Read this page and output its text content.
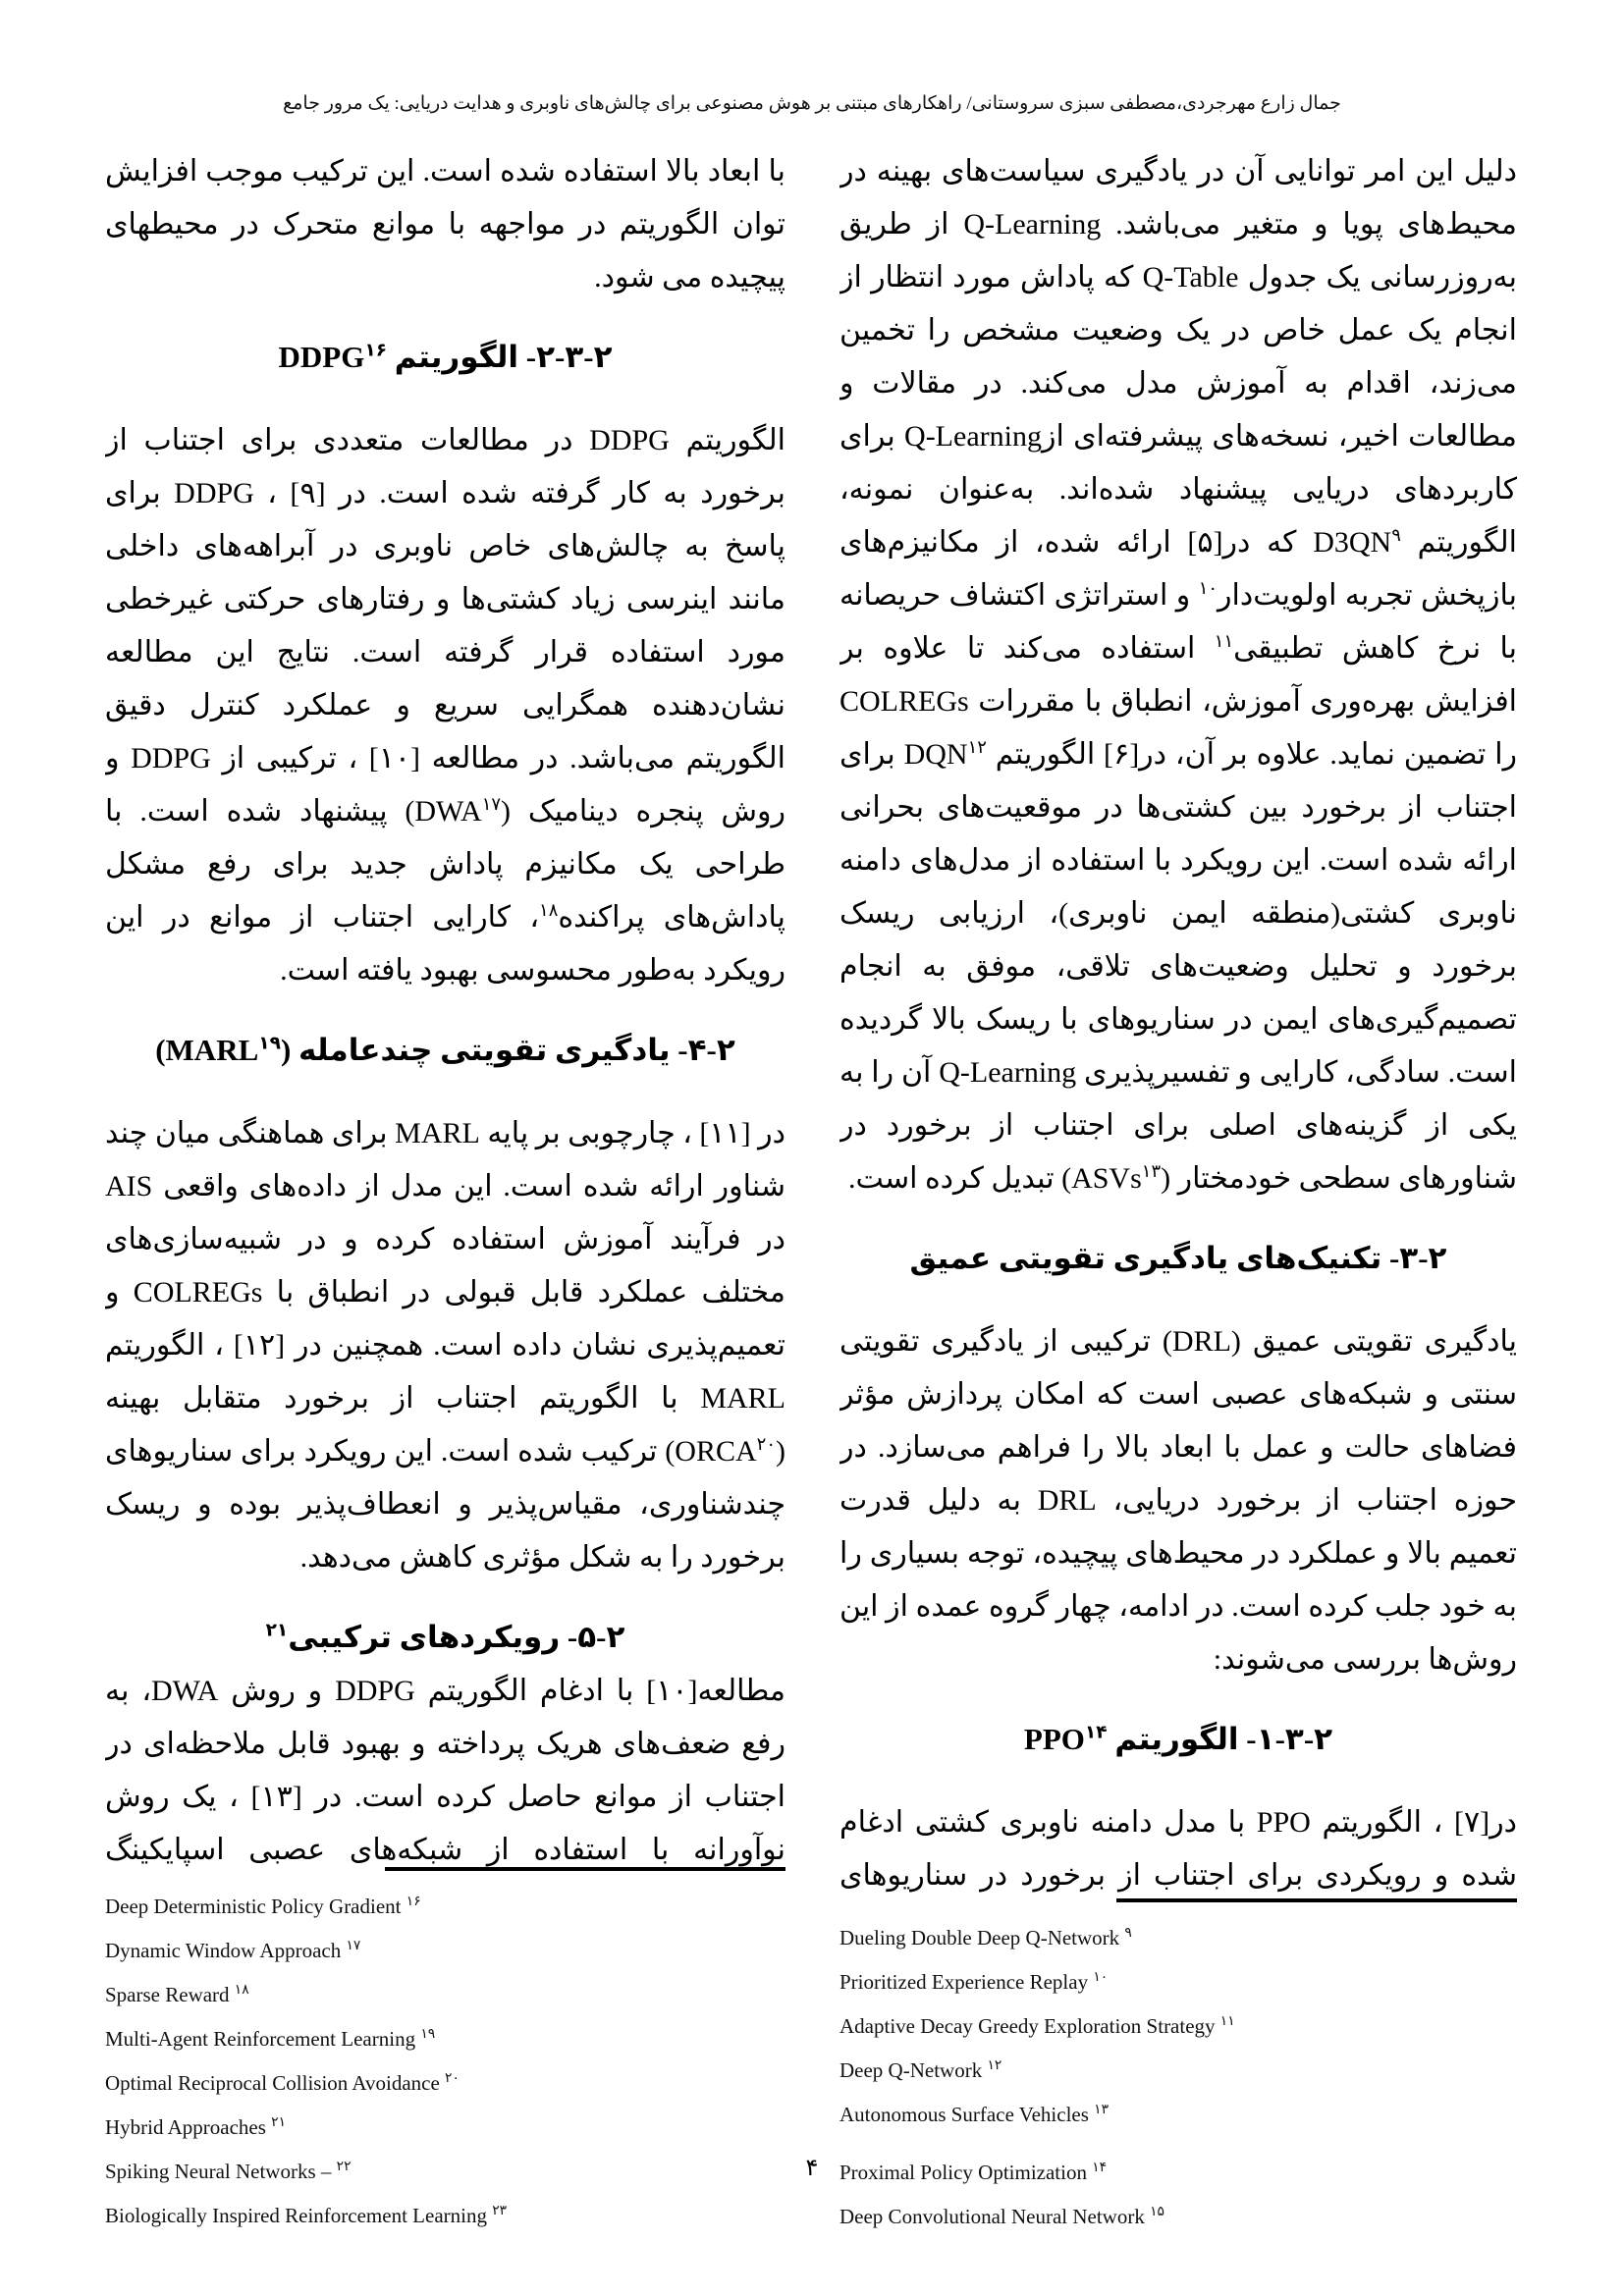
جمال زارع مهرجردی،مصطفی سبزی سروستانی/ راهکارهای مبتنی بر هوش مصنوعی برای چالش‌های ناوبری و هدایت دریایی: یک مرور جامع

دلیل این امر توانایی آن در یادگیری سیاست‌های بهینه در محیط‌های پویا و متغیر می‌باشد. Q-Learning از طریق به‌روزرسانی یک جدول Q-Table که پاداش مورد انتظار از انجام یک عمل خاص در یک وضعیت مشخص را تخمین می‌زند، اقدام به آموزش مدل می‌کند. در مقالات و مطالعات اخیر، نسخه‌های پیشرفته‌ای ازQ-Learning برای کاربردهای دریایی پیشنهاد شده‌اند. به‌عنوان نمونه، الگوریتم $D3QN^۹$ که در[۵] ارائه شده، از مکانیزم‌های بازپخش تجربه اولویت‌دار$^{۱۰}$ و استراتژی اکتشاف حریصانه با نرخ کاهش تطبیقی$^{۱۱}$ استفاده می‌کند تا علاوه بر افزایش بهره‌وری آموزش، انطباق با مقررات COLREGs را تضمین نماید. علاوه بر آن، در[۶] الگوریتم DQN$^{۱۲}$ برای اجتناب از برخورد بین کشتی‌ها در موقعیت‌های بحرانی ارائه شده است. این رویکرد با استفاده از مدل‌های دامنه ناوبری کشتی(منطقه ایمن ناوبری)، ارزیابی ریسک برخورد و تحلیل وضعیت‌های تلاقی، موفق به انجام تصمیم‌گیری‌های ایمن در سناریوهای با ریسک بالا گردیده است. سادگی، کارایی و تفسیرپذیری Q-Learning آن را به یکی از گزینه‌های اصلی برای اجتناب از برخورد در شناورهای سطحی خودمختار (ASVs$^{۱۳}$) تبدیل کرده است.

۲‏-‏۳‏- تکنیک‌های یادگیری تقویتی عمیق

یادگیری تقویتی عمیق (DRL) ترکیبی از یادگیری تقویتی سنتی و شبکه‌های عصبی است که امکان پردازش مؤثر فضاهای حالت و عمل با ابعاد بالا را فراهم می‌سازد. در حوزه اجتناب از برخورد دریایی، DRL به دلیل قدرت تعمیم بالا و عملکرد در محیط‌های پیچیده، توجه بسیاری را به خود جلب کرده است. در ادامه، چهار گروه عمده از این روش‌ها بررسی می‌شوند:

۲‏-‏۳‏-‏۱‏- الگوریتم PPO$^{۱۴}$

در[۷] ، الگوریتم PPO با مدل دامنه ناوبری کشتی ادغام شده و رویکردی برای اجتناب از برخورد در سناریوهای

با ابعاد بالا استفاده شده است. این ترکیب موجب افزایش توان الگوریتم در مواجهه با موانع متحرک در محیطهای پیچیده می شود.

۲‏-‏۳‏-‏۲‏- الگوریتم DDPG$^{۱۶}$

الگوریتم DDPG در مطالعات متعددی برای اجتناب از برخورد به کار گرفته شده است. در [۹] ، DDPG برای پاسخ به چالش‌های خاص ناوبری در آبراهه‌های داخلی مانند اینرسی زیاد کشتی‌ها و رفتارهای حرکتی غیرخطی مورد استفاده قرار گرفته است. نتایج این مطالعه نشان‌دهنده همگرایی سریع و عملکرد کنترل دقیق الگوریتم می‌باشد. در مطالعه [۱۰] ، ترکیبی از DDPG و روش پنجره دینامیک (DWA$^{۱۷}$) پیشنهاد شده است. با طراحی یک مکانیزم پاداش جدید برای رفع مشکل پاداش‌های پراکنده$^{۱۸}$، کارایی اجتناب از موانع در این رویکرد به‌طور محسوسی بهبود یافته است.

۲‏-‏۴‏- یادگیری تقویتی چندعامله (MARL$^{۱۹}$)

در [۱۱] ، چارچوبی بر پایه MARL برای هماهنگی میان چند شناور ارائه شده است. این مدل از داده‌های واقعی AIS در فرآیند آموزش استفاده کرده و در شبیه‌سازی‌های مختلف عملکرد قابل قبولی در انطباق با COLREGs و تعمیم‌پذیری نشان داده است. همچنین در [۱۲] ، الگوریتم MARL با الگوریتم اجتناب از برخورد متقابل بهینه (ORCA$^{۲۰}$) ترکیب شده است. این رویکرد برای سناریوهای چندشناوری، مقیاس‌پذیر و انعطاف‌پذیر بوده و ریسک برخورد را به شکل مؤثری کاهش می‌دهد.

۲‏-‏۵‏- رویکردهای ترکیبی$^{۲۱}$

مطالعه[۱۰] با ادغام الگوریتم DDPG و روش DWA، به رفع ضعف‌های هریک پرداخته و بهبود قابل ملاحظه‌ای در اجتناب از موانع حاصل کرده است. در [۱۳] ، یک روش نوآورانه با استفاده از شبکه‌های عصبی اسپایکینگ

Deep Deterministic Policy Gradient $^{۱۶}$
Dynamic Window Approach $^{۱۷}$
Sparse Reward $^{۱۸}$
Multi-Agent Reinforcement Learning $^{۱۹}$
Optimal Reciprocal Collision Avoidance $^{۲۰}$
Hybrid Approaches $^{۲۱}$
Spiking Neural Networks – $^{۲۲}$
Biologically Inspired Reinforcement Learning $^{۲۳}$
Dueling Double Deep Q-Network $^۹$
Prioritized Experience Replay $^{۱۰}$
Adaptive Decay Greedy Exploration Strategy $^{۱۱}$
Deep Q-Network $^{۱۲}$
Autonomous Surface Vehicles $^{۱۳}$
Proximal Policy Optimization $^{۱۴}$
Deep Convolutional Neural Network $^{۱۵}$
۴
